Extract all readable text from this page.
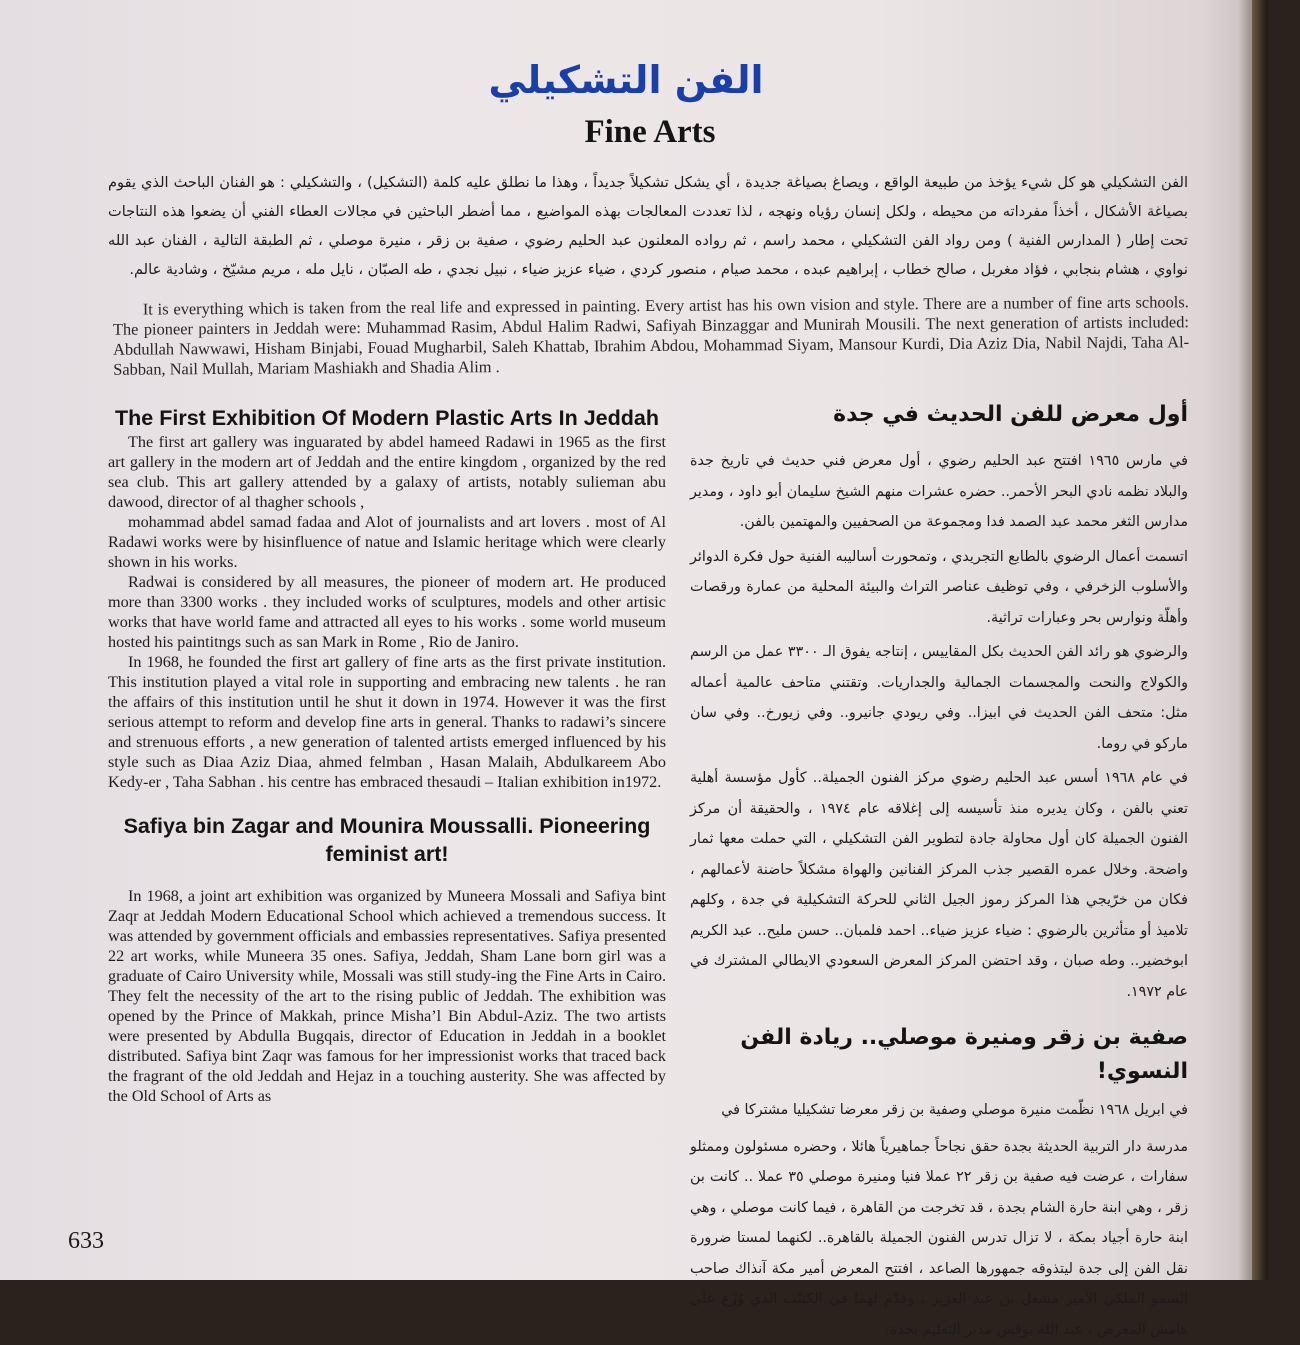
الفن التشكيلي
Fine Arts
الفن التشكيلي هو كل شيء يؤخذ من طبيعة الواقع ، ويصاغ بصياغة جديدة ، أي يشكل تشكيلاً جديداً ، وهذا ما نطلق عليه كلمة (التشكيل) ، والتشكيلي : هو الفنان الباحث الذي يقوم بصياغة الأشكال ، أخذاً مفرداته من محيطه ، ولكل إنسان رؤياه ونهجه ، لذا تعددت المعالجات بهذه المواضيع ، مما أضطر الباحثين في مجالات العطاء الفني أن يضعوا هذه النتاجات تحت إطار ( المدارس الفنية ) ومن رواد الفن التشكيلي ، محمد راسم ، ثم رواده المعلنون عبد الحليم رضوي ، صفية بن زقر ، منيرة موصلي ، ثم الطبقة التالية ، الفنان عبد الله نواوي ، هشام بنجابي ، فؤاد مغربل ، صالح خطاب ، إبراهيم عبده ، محمد صيام ، منصور كردي ، ضياء عزيز ضياء ، نبيل نجدي ، طه الصبّان ، نايل مله ، مريم مشيّخ ، وشادية عالم.

It is everything which is taken from the real life and expressed in painting. Every artist has his own vision and style. There are a number of fine arts schools. The pioneer painters in Jeddah were: Muhammad Rasim, Abdul Halim Radwi, Safiyah Binzaggar and Munirah Mousili. The next generation of artists included: Abdullah Nawwawi, Hisham Binjabi, Fouad Mugharbil, Saleh Khattab, Ibrahim Abdou, Mohammad Siyam, Mansour Kurdi, Dia Aziz Dia, Nabil Najdi, Taha Al-Sabban, Nail Mullah, Mariam Mashiakh and Shadia Alim .

The First Exhibition Of Modern Plastic Arts In Jeddah

The first art gallery was inguarated by abdel hameed Radawi in 1965 as the first art gallery in the modern art of Jeddah and the entire kingdom , organized by the red sea club. This art gallery attended by a galaxy of artists, notably sulieman abu dawood, director of al thagher schools ,

mohammad abdel samad fadaa and Alot of journalists and art lovers . most of Al Radawi works were by hisinfluence of natue and Islamic heritage which were clearly shown in his works.

Radwai is considered by all measures, the pioneer of modern art. He produced more than 3300 works . they included works of sculptures, models and other artisic works that have world fame and attracted all eyes to his works . some world museum hosted his paintitngs such as san Mark in Rome , Rio de Janiro.

In 1968, he founded the first art gallery of fine arts as the first private institution. This institution played a vital role in supporting and embracing new talents . he ran the affairs of this institution until he shut it down in 1974. However it was the first serious attempt to reform and develop fine arts in general. Thanks to radawi’s sincere and strenuous efforts , a new generation of talented artists emerged influenced by his style such as Diaa Aziz Diaa, ahmed felmban , Hasan Malaih, Abdulkareem Abo Kedy-er , Taha Sabhan . his centre has embraced thesaudi – Italian exhibition in1972.

Safiya bin Zagar and Mounira Moussalli. Pioneering feminist art!

In 1968, a joint art exhibition was organized by Muneera Mossali and Safiya bint Zaqr at Jeddah Modern Educational School which achieved a tremendous success. It was attended by government officials and embassies representatives. Safiya presented 22 art works, while Muneera 35 ones. Safiya, Jeddah, Sham Lane born girl was a graduate of Cairo University while, Mossali was still study-ing the Fine Arts in Cairo. They felt the necessity of the art to the rising public of Jeddah. The exhibition was opened by the Prince of Makkah, prince Misha’l Bin Abdul-Aziz. The two artists were presented by Abdulla Bugqais, director of Education in Jeddah in a booklet distributed. Safiya bint Zaqr was famous for her impressionist works that traced back the fragrant of the old Jeddah and Hejaz in a touching austerity. She was affected by the Old School of Arts as

أول معرض للفن الحديث في جدة

في مارس ١٩٦٥ افتتح عبد الحليم رضوي ، أول معرض فني حديث في تاريخ جدة والبلاد نظمه نادي البحر الأحمر.. حضره عشرات منهم الشيخ سليمان أبو داود ، ومدير مدارس الثغر محمد عبد الصمد فدا ومجموعة من الصحفيين والمهتمين بالفن.

اتسمت أعمال الرضوي بالطابع التجريدي ، وتمحورت أساليبه الفنية حول فكرة الدوائر والأسلوب الزخرفي ، وفي توظيف عناصر التراث والبيئة المحلية من عمارة ورقصات وأهلّة ونوارس بحر وعبارات تراثية.

والرضوي هو رائد الفن الحديث بكل المقاييس ، إنتاجه يفوق الـ ٣٣٠٠ عمل من الرسم والكولاج والنحت والمجسمات الجمالية والجداريات. وتقتني متاحف عالمية أعماله مثل: متحف الفن الحديث في ابيزا.. وفي ريودي جانيرو.. وفي زيورخ.. وفي سان ماركو في روما.

في عام ١٩٦٨ أسس عبد الحليم رضوي مركز الفنون الجميلة.. كأول مؤسسة أهلية تعني بالفن ، وكان يديره منذ تأسيسه إلى إغلاقه عام ١٩٧٤ ، والحقيقة أن مركز الفنون الجميلة كان أول محاولة جادة لتطوير الفن التشكيلي ، التي حملت معها ثمار واضحة. وخلال عمره القصير جذب المركز الفنانين والهواة مشكلاً حاضنة لأعمالهم ، فكان من خرّيجي هذا المركز رموز الجيل الثاني للحركة التشكيلية في جدة ، وكلهم تلاميذ أو متأثرين بالرضوي : ضياء عزيز ضياء.. احمد فلمبان.. حسن مليح.. عبد الكريم ابوخضير.. وطه صبان ، وقد احتضن المركز المعرض السعودي الايطالي المشترك في عام ١٩٧٢.

صفية بن زقر ومنيرة موصلي.. ريادة الفن النسوي!

في ابريل ١٩٦٨ نظّمت منيرة موصلي وصفية بن زقر معرضا تشكيليا مشتركا في

مدرسة دار التربية الحديثة بجدة حقق نجاحاً جماهيرياً هائلا ، وحضره مسئولون وممثلو سفارات ، عرضت فيه صفية بن زقر ٢٢ عملا فنيا ومنيرة موصلي ٣٥ عملا .. كانت بن زقر ، وهي ابنة حارة الشام بجدة ، قد تخرجت من القاهرة ، فيما كانت موصلي ، وهي ابنة حارة أجياد بمكة ، لا تزال تدرس الفنون الجميلة بالقاهرة.. لكنهما لمستا ضرورة نقل الفن إلى جدة ليتذوقه جمهورها الصاعد ، افتتح المعرض أمير مكة آنذاك صاحب السمو الملكي الأمير مشعل بن عبد العزيز ، وقدّم لهما في الكتيّب الذي وُزّع على هامش المعرض ، عبد الله بوقس مدير التعليم بجدة.

633
